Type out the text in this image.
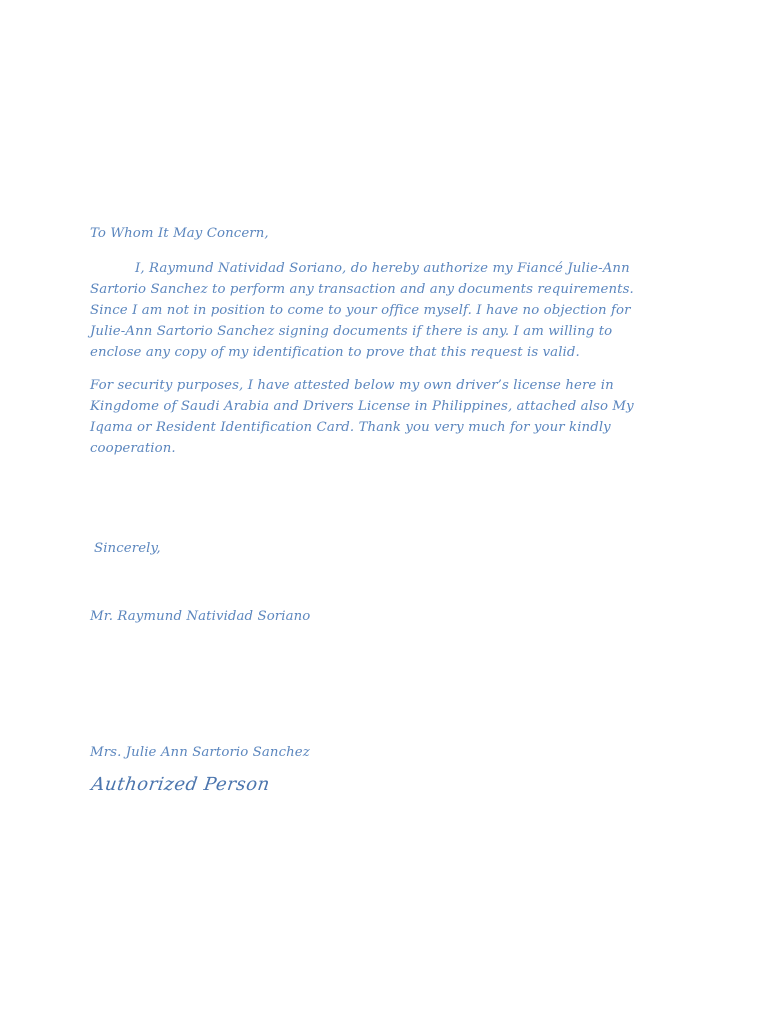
To Whom It May Concern,

I, Raymund Natividad Soriano, do hereby authorize my Fiancé Julie-Ann Sartorio Sanchez to perform any transaction and any documents requirements. Since I am not in position to come to your office myself. I have no objection for Julie-Ann Sartorio Sanchez signing documents if there is any. I am willing to enclose any copy of my identification to prove that this request is valid.

For security purposes, I have attested below my own driver’s license here in Kingdome of Saudi Arabia and Drivers License in Philippines, attached also My Iqama or Resident Identification Card. Thank you very much for your kindly cooperation.

Sincerely,
Mr. Raymund Natividad Soriano
Mrs. Julie Ann Sartorio Sanchez
Authorized Person
